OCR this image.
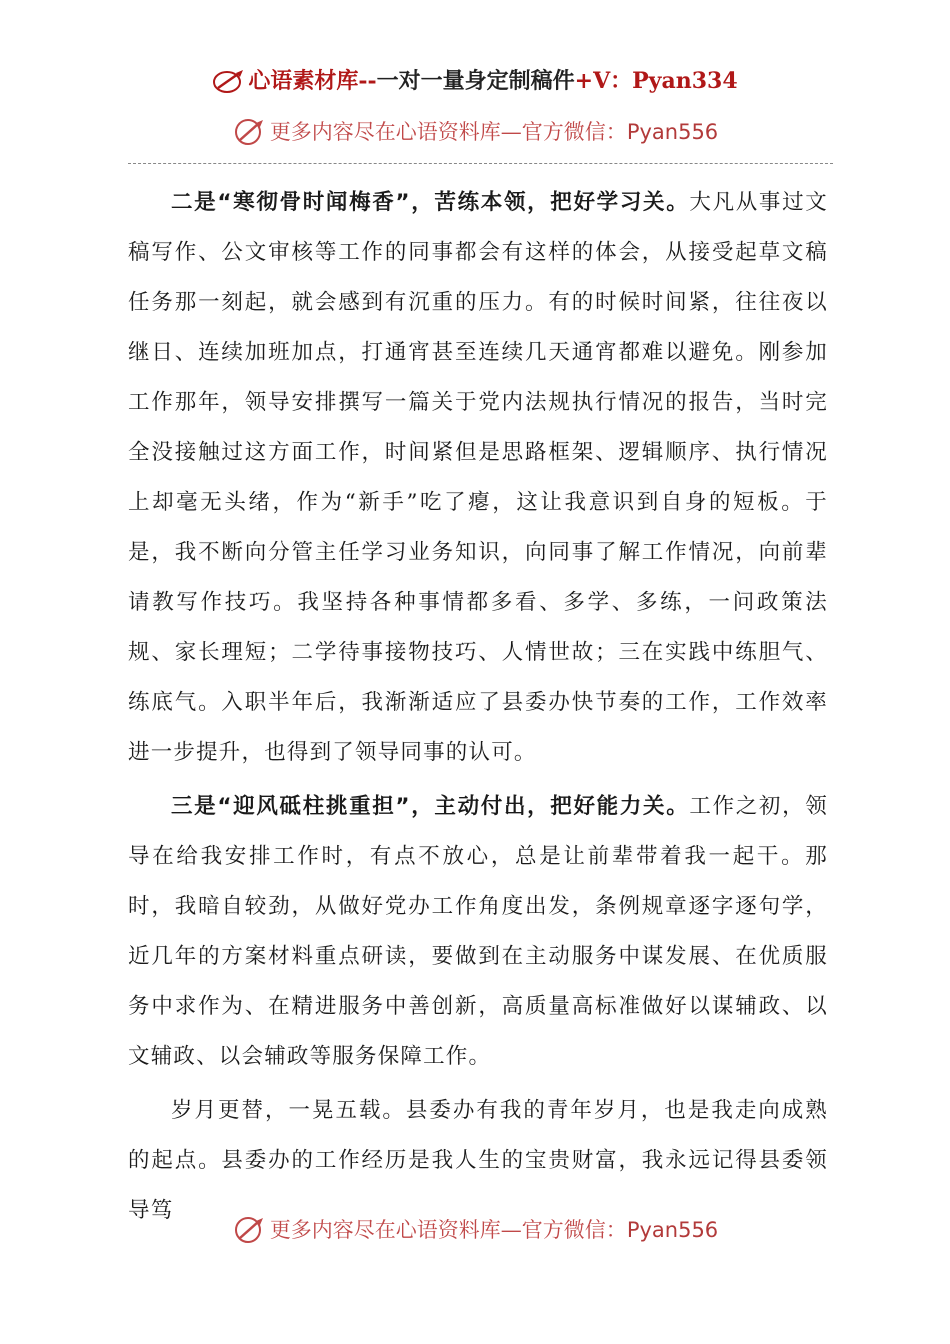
心语素材库--一对一量身定制稿件+V：Pyan334
更多内容尽在心语资料库—官方微信：Pyan556

二是“寒彻骨时闻梅香”，苦练本领，把好学习关。大凡从事过文稿写作、公文审核等工作的同事都会有这样的体会，从接受起草文稿任务那一刻起，就会感到有沉重的压力。有的时候时间紧，往往夜以继日、连续加班加点，打通宵甚至连续几天通宵都难以避免。刚参加工作那年，领导安排撰写一篇关于党内法规执行情况的报告，当时完全没接触过这方面工作，时间紧但是思路框架、逻辑顺序、执行情况上却毫无头绪，作为“新手”吃了瘪，这让我意识到自身的短板。于是，我不断向分管主任学习业务知识，向同事了解工作情况，向前辈请教写作技巧。我坚持各种事情都多看、多学、多练，一问政策法规、家长理短；二学待事接物技巧、人情世故；三在实践中练胆气、练底气。入职半年后，我渐渐适应了县委办快节奏的工作，工作效率进一步提升，也得到了领导同事的认可。

三是“迎风砥柱挑重担”，主动付出，把好能力关。工作之初，领导在给我安排工作时，有点不放心，总是让前辈带着我一起干。那时，我暗自较劲，从做好党办工作角度出发，条例规章逐字逐句学，近几年的方案材料重点研读，要做到在主动服务中谋发展、在优质服务中求作为、在精进服务中善创新，高质量高标准做好以谋辅政、以文辅政、以会辅政等服务保障工作。

岁月更替，一晃五载。县委办有我的青年岁月，也是我走向成熟的起点。县委办的工作经历是我人生的宝贵财富，我永远记得县委领导笃

更多内容尽在心语资料库—官方微信：Pyan556
